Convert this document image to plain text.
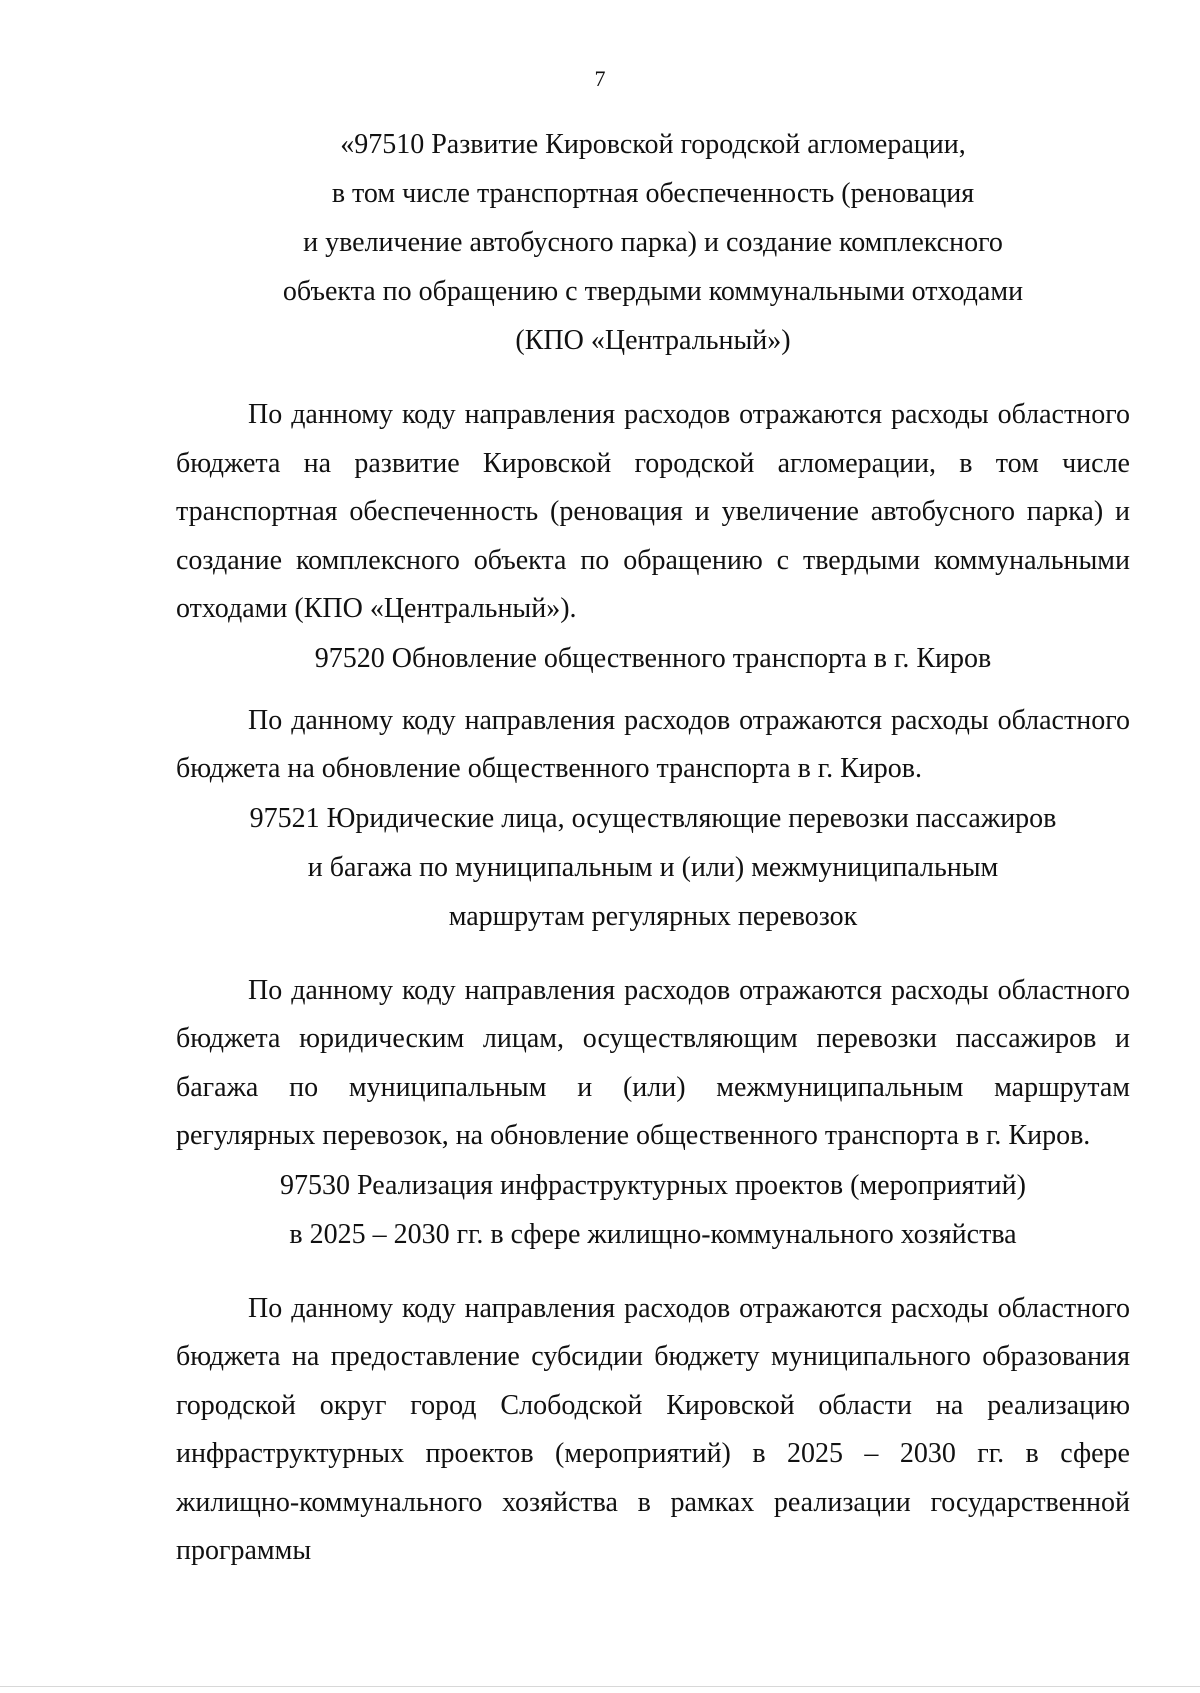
7

«97510 Развитие Кировской городской агломерации,
в том числе транспортная обеспеченность (реновация
и увеличение автобусного парка) и создание комплексного
объекта по обращению с твердыми коммунальными отходами
(КПО «Центральный»)

По данному коду направления расходов отражаются расходы областного бюджета на развитие Кировской городской агломерации, в том числе транспортная обеспеченность (реновация и увеличение автобусного парка) и создание комплексного объекта по обращению с твердыми коммунальными отходами (КПО «Центральный»).

97520 Обновление общественного транспорта в г. Киров

По данному коду направления расходов отражаются расходы областного бюджета на обновление общественного транспорта в г. Киров.

97521 Юридические лица, осуществляющие перевозки пассажиров
и багажа по муниципальным и (или) межмуниципальным
маршрутам регулярных перевозок

По данному коду направления расходов отражаются расходы областного бюджета юридическим лицам, осуществляющим перевозки пассажиров и багажа по муниципальным и (или) межмуниципальным маршрутам регулярных перевозок, на обновление общественного транспорта в г. Киров.

97530 Реализация инфраструктурных проектов (мероприятий)
в 2025 – 2030 гг. в сфере жилищно-коммунального хозяйства

По данному коду направления расходов отражаются расходы областного бюджета на предоставление субсидии бюджету муниципального образования городской округ город Слободской Кировской области на реализацию инфраструктурных проектов (мероприятий) в 2025 – 2030 гг. в сфере жилищно-коммунального хозяйства в рамках реализации государственной программы
